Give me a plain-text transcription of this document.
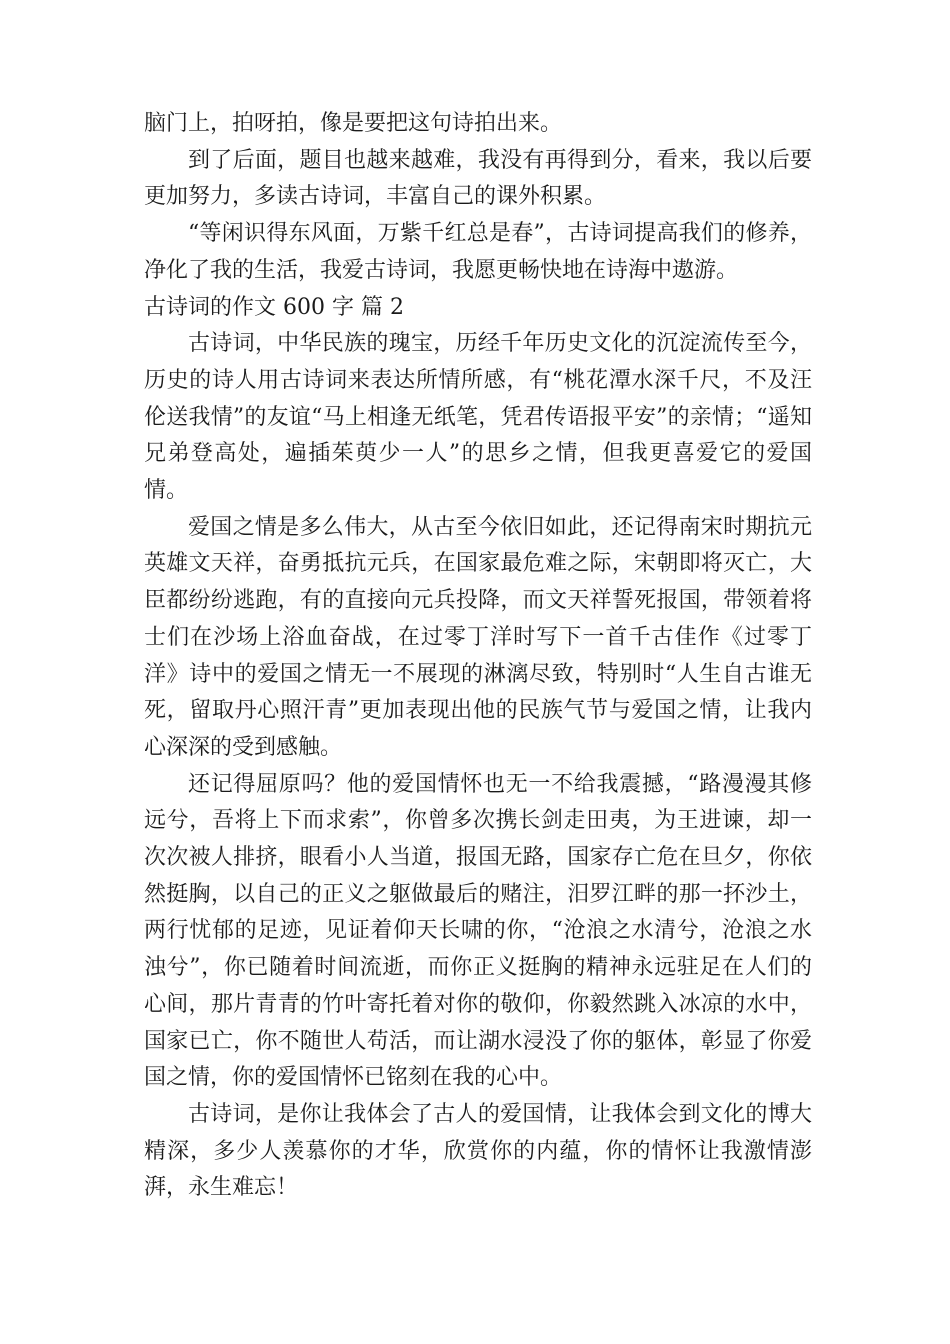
脑门上，拍呀拍，像是要把这句诗拍出来。

到了后面，题目也越来越难，我没有再得到分，看来，我以后要更加努力，多读古诗词，丰富自己的课外积累。

“等闲识得东风面，万紫千红总是春”，古诗词提高我们的修养，净化了我的生活，我爱古诗词，我愿更畅快地在诗海中遨游。

古诗词的作文 600 字 篇 2

古诗词，中华民族的瑰宝，历经千年历史文化的沉淀流传至今，历史的诗人用古诗词来表达所情所感，有“桃花潭水深千尺，不及汪伦送我情”的友谊“马上相逢无纸笔，凭君传语报平安”的亲情；“遥知兄弟登高处，遍插茱萸少一人”的思乡之情，但我更喜爱它的爱国情。

爱国之情是多么伟大，从古至今依旧如此，还记得南宋时期抗元英雄文天祥，奋勇抵抗元兵，在国家最危难之际，宋朝即将灭亡，大臣都纷纷逃跑，有的直接向元兵投降，而文天祥誓死报国，带领着将士们在沙场上浴血奋战，在过零丁洋时写下一首千古佳作《过零丁洋》诗中的爱国之情无一不展现的淋漓尽致，特别时“人生自古谁无死，留取丹心照汗青”更加表现出他的民族气节与爱国之情，让我内心深深的受到感触。

还记得屈原吗？他的爱国情怀也无一不给我震撼，“路漫漫其修远兮，吾将上下而求索”，你曾多次携长剑走田夷，为王进谏，却一次次被人排挤，眼看小人当道，报国无路，国家存亡危在旦夕，你依然挺胸，以自己的正义之躯做最后的赌注，汨罗江畔的那一抔沙土，两行忧郁的足迹，见证着仰天长啸的你，“沧浪之水清兮，沧浪之水浊兮”，你已随着时间流逝，而你正义挺胸的精神永远驻足在人们的心间，那片青青的竹叶寄托着对你的敬仰，你毅然跳入冰凉的水中，国家已亡，你不随世人苟活，而让湖水浸没了你的躯体，彰显了你爱国之情，你的爱国情怀已铭刻在我的心中。

古诗词，是你让我体会了古人的爱国情，让我体会到文化的博大精深，多少人羡慕你的才华，欣赏你的内蕴，你的情怀让我激情澎湃，永生难忘！
